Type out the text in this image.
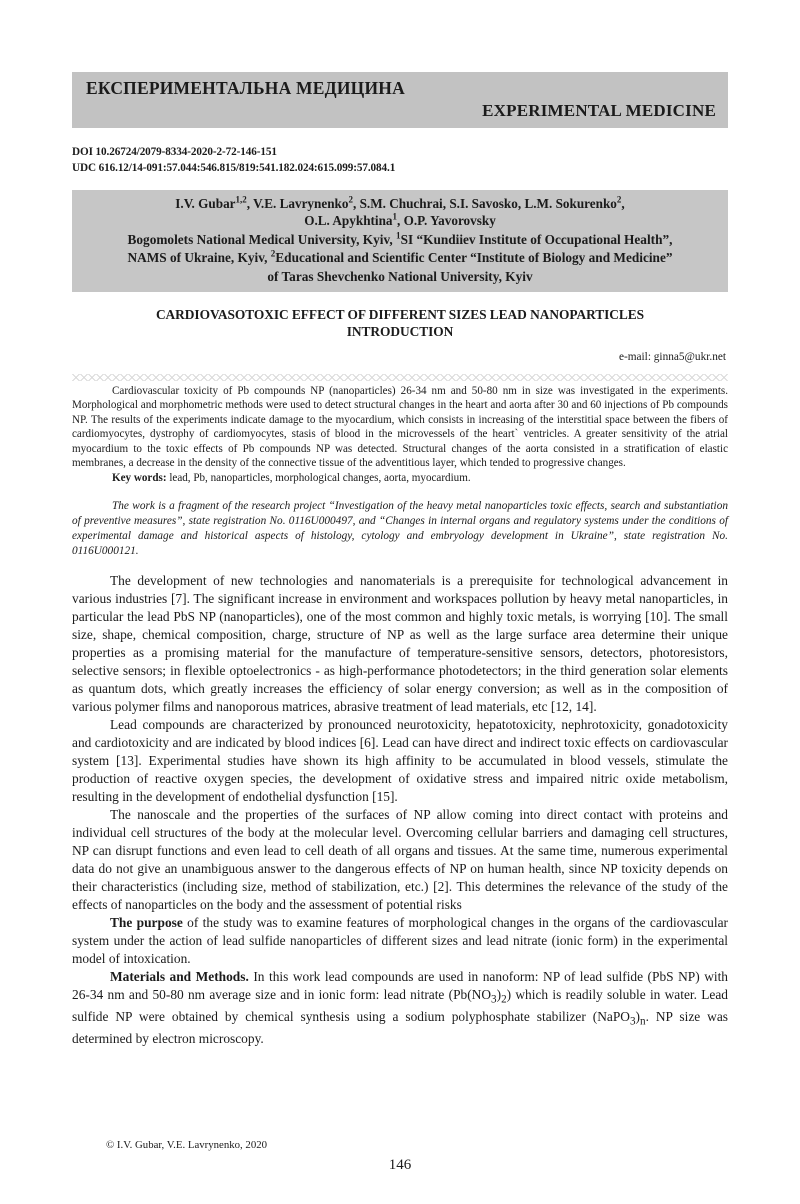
ЕКСПЕРИМЕНТАЛЬНА МЕДИЦИНА
EXPERIMENTAL MEDICINE
DOI 10.26724/2079-8334-2020-2-72-146-151
UDC 616.12/14-091:57.044:546.815/819:541.182.024:615.099:57.084.1
I.V. Gubar$^{1,2}$, V.E. Lavrynenko$^2$, S.M. Chuchrai, S.I. Savosko, L.M. Sokurenko$^2$,
O.L. Apykhtina$^1$, O.P. Yavorovsky
Bogomolets National Medical University, Kyiv, $^1$SI “Kundiiev Institute of Occupational Health”,
NAMS of Ukraine, Kyiv, $^2$Educational and Scientific Center “Institute of Biology and Medicine”
of Taras Shevchenko National University, Kyiv
CARDIOVASOTOXIC EFFECT OF DIFFERENT SIZES LEAD NANOPARTICLES
INTRODUCTION
e-mail: ginna5@ukr.net

Cardiovascular toxicity of Pb compounds NP (nanoparticles) 26-34 nm and 50-80 nm in size was investigated in the experiments. Morphological and morphometric methods were used to detect structural changes in the heart and aorta after 30 and 60 injections of Pb compounds NP. The results of the experiments indicate damage to the myocardium, which consists in increasing of the interstitial space between the fibers of cardiomyocytes, dystrophy of cardiomyocytes, stasis of blood in the microvessels of the heart` ventricles. A greater sensitivity of the atrial myocardium to the toxic effects of Pb compounds NP was detected. Structural changes of the aorta consisted in a stratification of elastic membranes, a decrease in the density of the connective tissue of the adventitious layer, which tended to progressive changes.

Key words: lead, Pb, nanoparticles, morphological changes, aorta, myocardium.

The work is a fragment of the research project “Investigation of the heavy metal nanoparticles toxic effects, search and substantiation of preventive measures”, state registration No. 0116U000497, and “Changes in internal organs and regulatory systems under the conditions of experimental damage and historical aspects of histology, cytology and embryology development in Ukraine”, state registration No. 0116U000121.

The development of new technologies and nanomaterials is a prerequisite for technological advancement in various industries [7]. The significant increase in environment and workspaces pollution by heavy metal nanoparticles, in particular the lead PbS NP (nanoparticles), one of the most common and highly toxic metals, is worrying [10]. The small size, shape, chemical composition, charge, structure of NP as well as the large surface area determine their unique properties as a promising material for the manufacture of temperature-sensitive sensors, detectors, photoresistors, selective sensors; in flexible optoelectronics - as high-performance photodetectors; in the third generation solar elements as quantum dots, which greatly increases the efficiency of solar energy conversion; as well as in the composition of various polymer films and nanoporous matrices, abrasive treatment of lead materials, etc [12, 14].

Lead compounds are characterized by pronounced neurotoxicity, hepatotoxicity, nephrotoxicity, gonadotoxicity and cardiotoxicity and are indicated by blood indices [6]. Lead can have direct and indirect toxic effects on cardiovascular system [13]. Experimental studies have shown its high affinity to be accumulated in blood vessels, stimulate the production of reactive oxygen species, the development of oxidative stress and impaired nitric oxide metabolism, resulting in the development of endothelial dysfunction [15].

The nanoscale and the properties of the surfaces of NP allow coming into direct contact with proteins and individual cell structures of the body at the molecular level. Overcoming cellular barriers and damaging cell structures, NP can disrupt functions and even lead to cell death of all organs and tissues. At the same time, numerous experimental data do not give an unambiguous answer to the dangerous effects of NP on human health, since NP toxicity depends on their characteristics (including size, method of stabilization, etc.) [2]. This determines the relevance of the study of the effects of nanoparticles on the body and the assessment of potential risks

The purpose of the study was to examine features of morphological changes in the organs of the cardiovascular system under the action of lead sulfide nanoparticles of different sizes and lead nitrate (ionic form) in the experimental model of intoxication.

Materials and Methods. In this work lead compounds are used in nanoform: NP of lead sulfide (PbS NP) with 26-34 nm and 50-80 nm average size and in ionic form: lead nitrate $(Pb(NO_3)_2)$ which is readily soluble in water. Lead sulfide NP were obtained by chemical synthesis using a sodium polyphosphate stabilizer $(NaPO_3)_n$. NP size was determined by electron microscopy.

© I.V. Gubar, V.E. Lavrynenko, 2020
146
